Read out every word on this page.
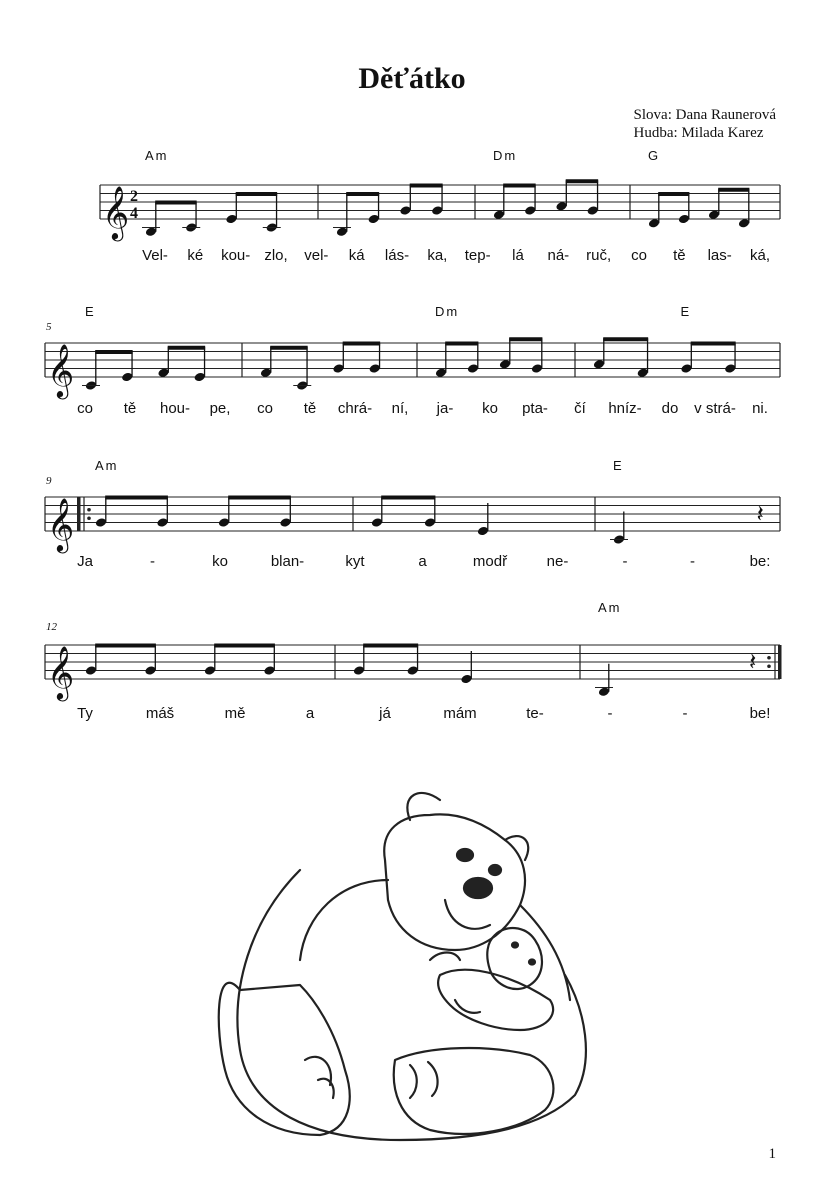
Děťátko
Slova: Dana Raunerová
Hudba: Milada Karez
𝄞 2
4
Am	Dm	G
Vel- ké kou- zlo, vel- ká lás- ka, tep- lá ná- ruč, co tě las- ká,
𝄞
5
E	Dm	E
co tě hou- pe, co tě chrá- ní, ja- ko pta- čí hníz- do v strá- ni.
𝄞
9
𝄽
Am	E
Ja	-	ko	blan-	kyt	a	modř	ne-	-	-	be:
𝄞
12
𝄽
Am
Ty	máš	mě	a	já	mám	te-	-	-	be!
1
